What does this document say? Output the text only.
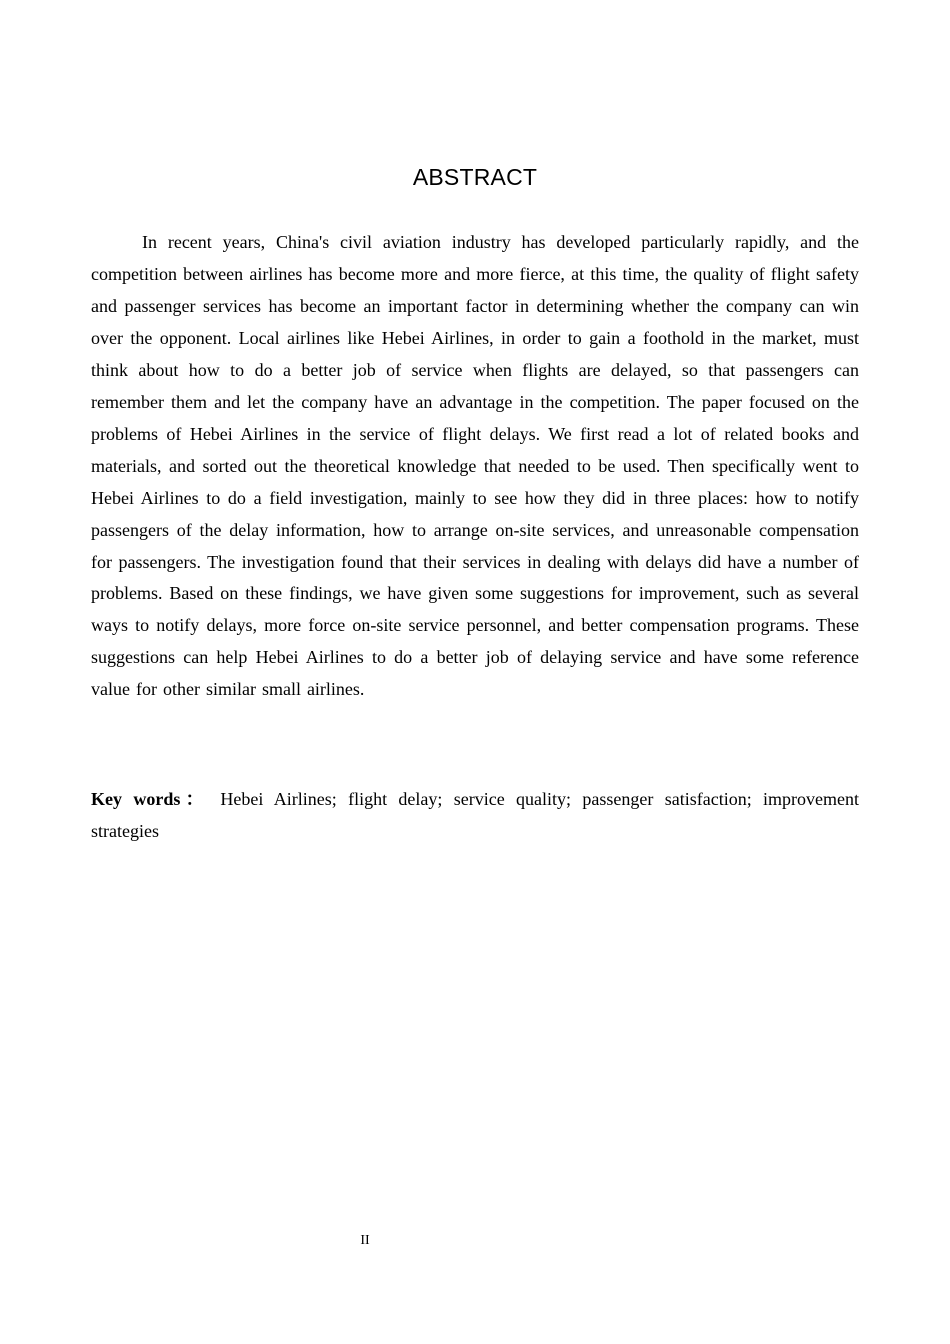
ABSTRACT

In recent years, China's civil aviation industry has developed particularly rapidly, and the competition between airlines has become more and more fierce, at this time, the quality of flight safety and passenger services has become an important factor in determining whether the company can win over the opponent. Local airlines like Hebei Airlines, in order to gain a foothold in the market, must think about how to do a better job of service when flights are delayed, so that passengers can remember them and let the company have an advantage in the competition. The paper focused on the problems of Hebei Airlines in the service of flight delays. We first read a lot of related books and materials, and sorted out the theoretical knowledge that needed to be used. Then specifically went to Hebei Airlines to do a field investigation, mainly to see how they did in three places: how to notify passengers of the delay information, how to arrange on-site services, and unreasonable compensation for passengers. The investigation found that their services in dealing with delays did have a number of problems. Based on these findings, we have given some suggestions for improvement, such as several ways to notify delays, more force on-site service personnel, and better compensation programs. These suggestions can help Hebei Airlines to do a better job of delaying service and have some reference value for other similar small airlines.

Key words： Hebei Airlines; flight delay; service quality; passenger satisfaction; improvement strategies

II
